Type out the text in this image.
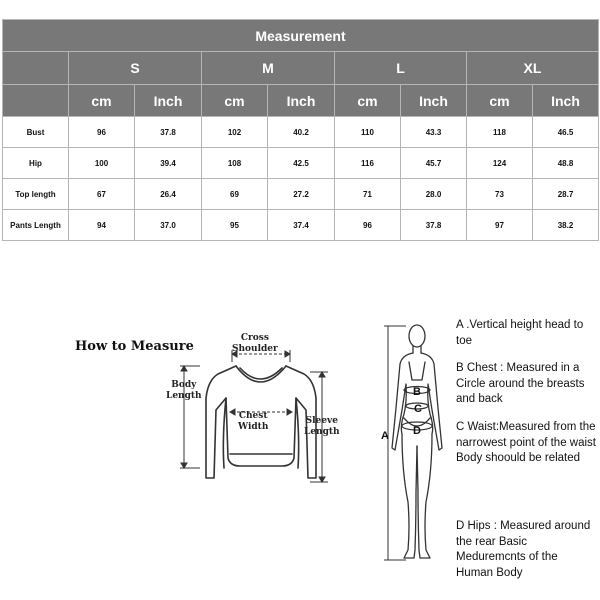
Measurement								
	S		M		L		XL	
	cm	Inch	cm	Inch	cm	Inch	cm	Inch
Bust	96	37.8	102	40.2	110	43.3	118	46.5
Hip	100	39.4	108	42.5	116	45.7	124	48.8
Top length	67	26.4	69	27.2	71	28.0	73	28.7
Pants Length	94	37.0	95	37.4	96	37.8	97	38.2
How to Measure
Cross
Shoulder
Body
Length
Chest
Width
Sleeve
Length	A
B
C
D
A .Vertical height head to toe
B Chest : Measured in a Circle around the breasts and back
C Waist:Measured from the narrowest point of the waist Body shoould be related
D Hips : Measured around the rear Basic Meduremcnts of the Human Body
